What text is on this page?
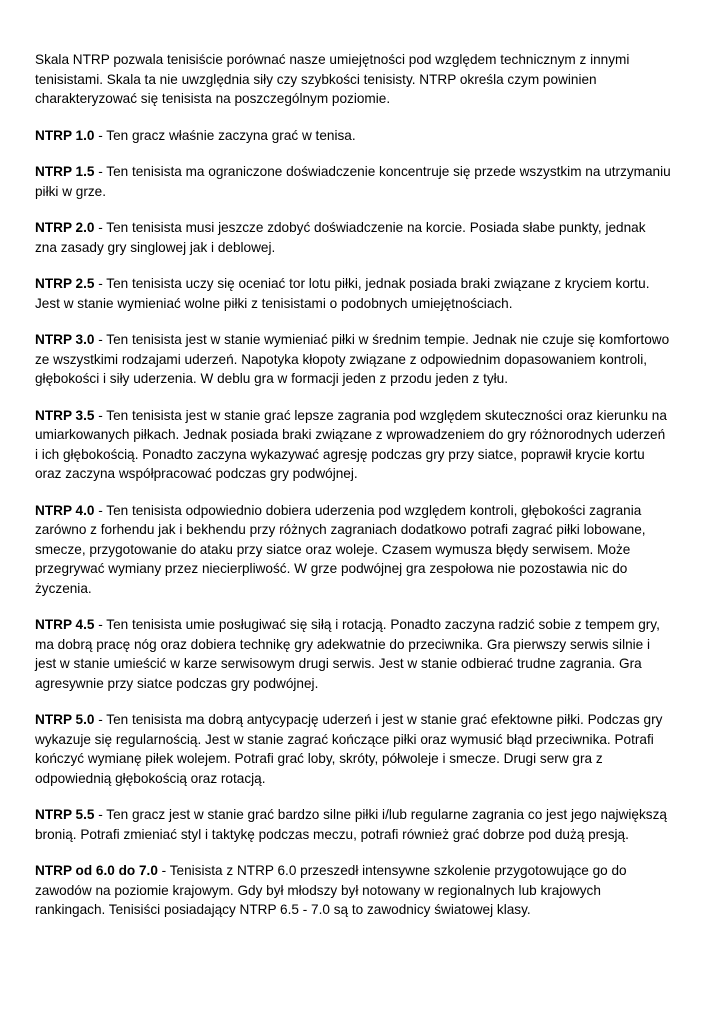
Skala NTRP pozwala tenisiście porównać nasze umiejętności pod względem technicznym z innymi tenisistami. Skala ta nie uwzględnia siły czy szybkości tenisisty. NTRP określa czym powinien charakteryzować się tenisista na poszczególnym poziomie.

NTRP 1.0 - Ten gracz właśnie zaczyna grać w tenisa.

NTRP 1.5 - Ten tenisista ma ograniczone doświadczenie koncentruje się przede wszystkim na utrzymaniu piłki w grze.

NTRP 2.0 - Ten tenisista musi jeszcze zdobyć doświadczenie na korcie. Posiada słabe punkty, jednak zna zasady gry singlowej jak i deblowej.

NTRP 2.5 - Ten tenisista uczy się oceniać tor lotu piłki, jednak posiada braki związane z kryciem kortu. Jest w stanie wymieniać wolne piłki z tenisistami o podobnych umiejętnościach.

NTRP 3.0 - Ten tenisista jest w stanie wymieniać piłki w średnim tempie. Jednak nie czuje się komfortowo ze wszystkimi rodzajami uderzeń. Napotyka kłopoty związane z odpowiednim dopasowaniem kontroli, głębokości i siły uderzenia. W deblu gra w formacji jeden z przodu jeden z tyłu.

NTRP 3.5 - Ten tenisista jest w stanie grać lepsze zagrania pod względem skuteczności oraz kierunku na umiarkowanych piłkach. Jednak posiada braki związane z wprowadzeniem do gry różnorodnych uderzeń i ich głębokością. Ponadto zaczyna wykazywać agresję podczas gry przy siatce, poprawił krycie kortu oraz zaczyna współpracować podczas gry podwójnej.

NTRP 4.0 - Ten tenisista odpowiednio dobiera uderzenia pod względem kontroli, głębokości zagrania zarówno z forhendu jak i bekhendu przy różnych zagraniach dodatkowo potrafi zagrać piłki lobowane, smecze, przygotowanie do ataku przy siatce oraz woleje. Czasem wymusza błędy serwisem. Może przegrywać wymiany przez niecierpliwość. W grze podwójnej gra zespołowa nie pozostawia nic do życzenia.

NTRP 4.5 - Ten tenisista umie posługiwać się siłą i rotacją. Ponadto zaczyna radzić sobie z tempem gry, ma dobrą pracę nóg oraz dobiera technikę gry adekwatnie do przeciwnika. Gra pierwszy serwis silnie i jest w stanie umieścić w karze serwisowym drugi serwis. Jest w stanie odbierać trudne zagrania. Gra agresywnie przy siatce podczas gry podwójnej.

NTRP 5.0 - Ten tenisista ma dobrą antycypację uderzeń i jest w stanie grać efektowne piłki. Podczas gry wykazuje się regularnością. Jest w stanie zagrać kończące piłki oraz wymusić błąd przeciwnika. Potrafi kończyć wymianę piłek wolejem. Potrafi grać loby, skróty, półwoleje i smecze. Drugi serw gra z odpowiednią głębokością oraz rotacją.

NTRP 5.5 - Ten gracz jest w stanie grać bardzo silne piłki i/lub regularne zagrania co jest jego największą bronią. Potrafi zmieniać styl i taktykę podczas meczu, potrafi również grać dobrze pod dużą presją.

NTRP od 6.0 do 7.0 - Tenisista z NTRP 6.0 przeszedł intensywne szkolenie przygotowujące go do zawodów na poziomie krajowym. Gdy był młodszy był notowany w regionalnych lub krajowych rankingach. Tenisiści posiadający NTRP 6.5 - 7.0 są to zawodnicy światowej klasy.
